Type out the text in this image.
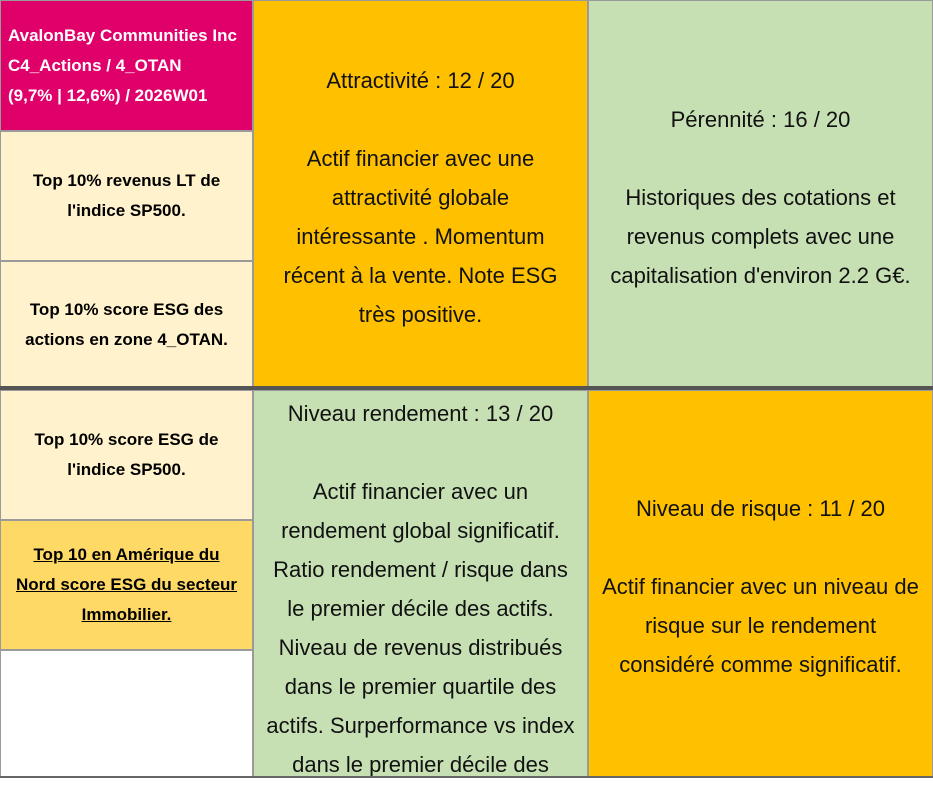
AvalonBay Communities Inc
C4_Actions / 4_OTAN
(9,7% | 12,6%) / 2026W01
Top 10% revenus LT de
l'indice SP500.
Top 10% score ESG des
actions en zone 4_OTAN.
Top 10% score ESG de
l'indice SP500.
Top 10 en Amérique du
Nord score ESG du secteur
Immobilier.

Attractivité : 12 / 20

Actif financier avec une

attractivité globale

intéressante . Momentum

récent à la vente. Note ESG

très positive.

Pérennité : 16 / 20

Historiques des cotations et

revenus complets avec une

capitalisation d'environ 2.2 G€.

Niveau rendement : 13 / 20

Actif financier avec un

rendement global significatif.

Ratio rendement / risque dans

le premier décile des actifs.

Niveau de revenus distribués

dans le premier quartile des

actifs. Surperformance vs index

dans le premier décile des

Niveau de risque : 11 / 20

Actif financier avec un niveau de

risque sur le rendement

considéré comme significatif.
